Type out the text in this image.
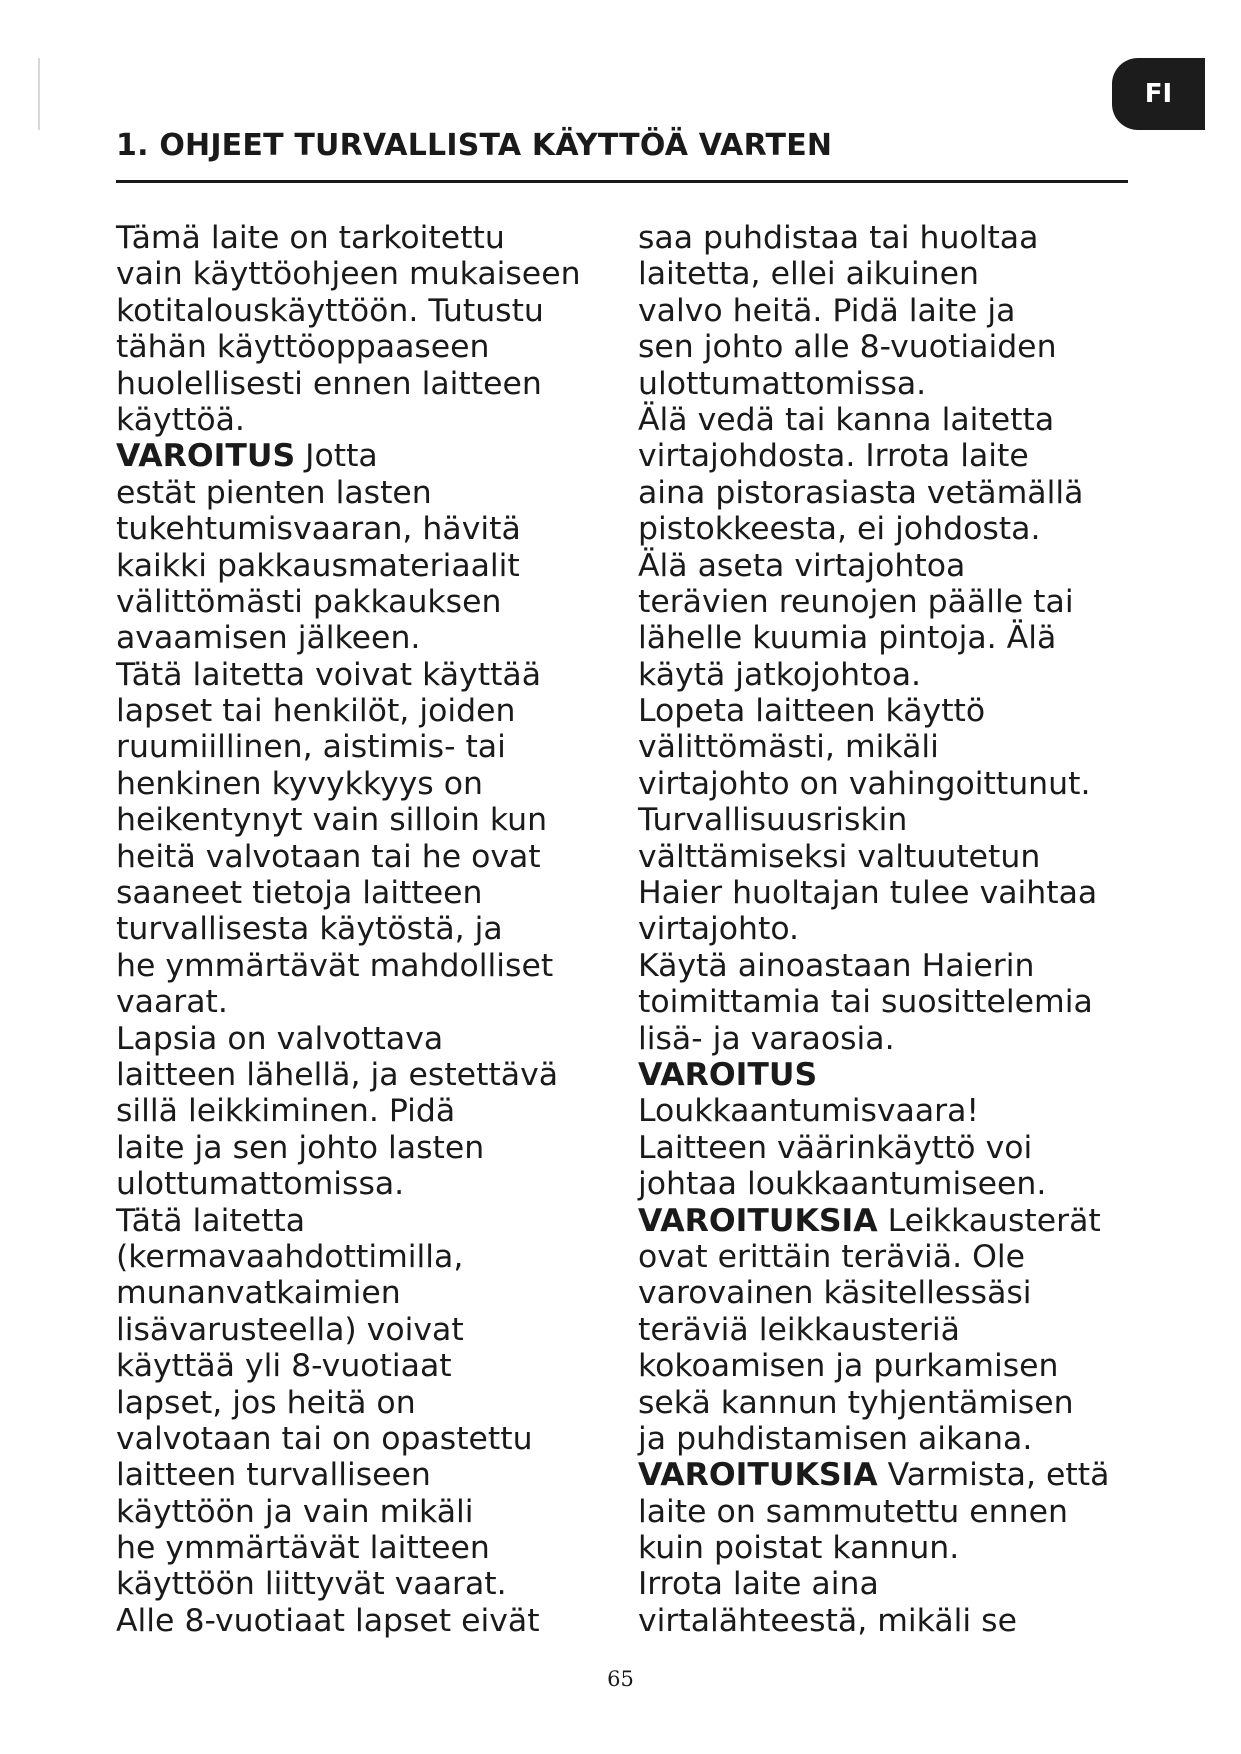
FI
1. OHJEET TURVALLISTA KÄYTTÖÄ VARTEN
Tämä laite on tarkoitettu
vain käyttöohjeen mukaiseen
kotitalouskäyttöön. Tutustu
tähän käyttöoppaaseen
huolellisesti ennen laitteen
käyttöä.
VAROITUS Jotta
estät pienten lasten
tukehtumisvaaran, hävitä
kaikki pakkausmateriaalit
välittömästi pakkauksen
avaamisen jälkeen.
Tätä laitetta voivat käyttää
lapset tai henkilöt, joiden
ruumiillinen, aistimis- tai
henkinen kyvykkyys on
heikentynyt vain silloin kun
heitä valvotaan tai he ovat
saaneet tietoja laitteen
turvallisesta käytöstä, ja
he ymmärtävät mahdolliset
vaarat.
Lapsia on valvottava
laitteen lähellä, ja estettävä
sillä leikkiminen. Pidä
laite ja sen johto lasten
ulottumattomissa.
Tätä laitetta
(kermavaahdottimilla,
munanvatkaimien
lisävarusteella) voivat
käyttää yli 8-vuotiaat
lapset, jos heitä on
valvotaan tai on opastettu
laitteen turvalliseen
käyttöön ja vain mikäli
he ymmärtävät laitteen
käyttöön liittyvät vaarat.
Alle 8-vuotiaat lapset eivät
saa puhdistaa tai huoltaa
laitetta, ellei aikuinen
valvo heitä. Pidä laite ja
sen johto alle 8-vuotiaiden
ulottumattomissa.
Älä vedä tai kanna laitetta
virtajohdosta. Irrota laite
aina pistorasiasta vetämällä
pistokkeesta, ei johdosta.
Älä aseta virtajohtoa
terävien reunojen päälle tai
lähelle kuumia pintoja. Älä
käytä jatkojohtoa.
Lopeta laitteen käyttö
välittömästi, mikäli
virtajohto on vahingoittunut.
Turvallisuusriskin
välttämiseksi valtuutetun
Haier huoltajan tulee vaihtaa
virtajohto.
Käytä ainoastaan Haierin
toimittamia tai suosittelemia
lisä- ja varaosia.
VAROITUS
Loukkaantumisvaara!
Laitteen väärinkäyttö voi
johtaa loukkaantumiseen.
VAROITUKSIA Leikkausterät
ovat erittäin teräviä. Ole
varovainen käsitellessäsi
teräviä leikkausteriä
kokoamisen ja purkamisen
sekä kannun tyhjentämisen
ja puhdistamisen aikana.
VAROITUKSIA Varmista, että
laite on sammutettu ennen
kuin poistat kannun.
Irrota laite aina
virtalähteestä, mikäli se
65
